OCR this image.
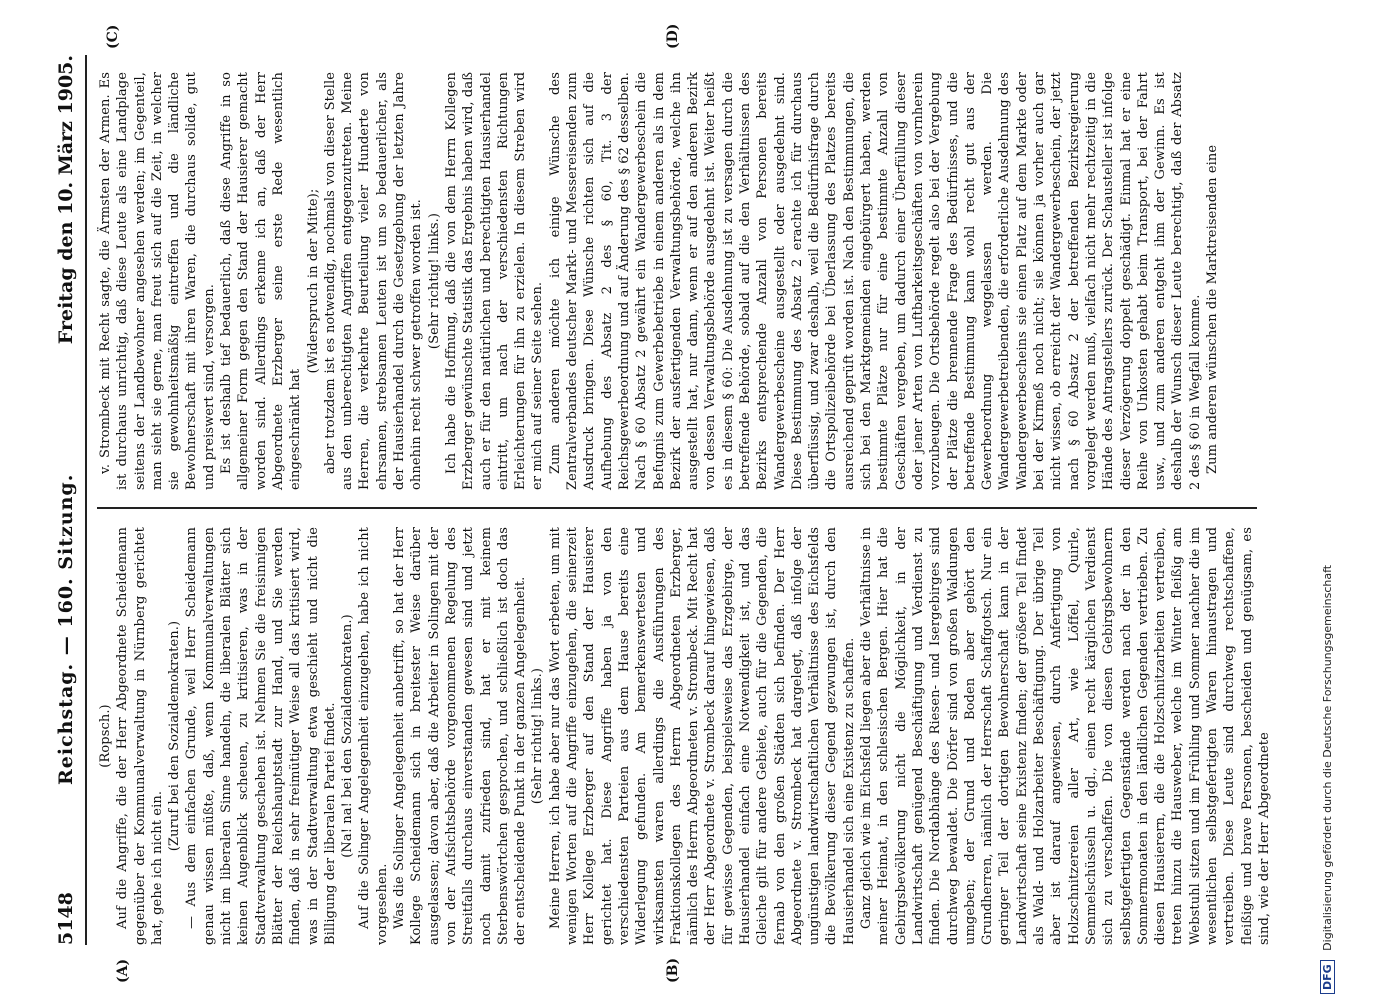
5148
Reichstag. — 160. Sitzung.
Freitag den 10. März 1905.
(A)	(B)
(C)	(D)

(Ropsch.) Auf die Angriffe, die der Herr Abgeordnete Scheidemann gegenüber der Kommunalverwaltung in Nürnberg gerichtet hat, gehe ich nicht ein.

(Zuruf bei den Sozialdemokraten.) — Aus dem einfachen Grunde, weil Herr Scheidemann genau wissen müßte, daß, wenn Kommunalverwaltungen nicht im liberalen Sinne handeln, die liberalen Blätter sich keinen Augenblick scheuen, zu kritisieren, was in der Stadtverwaltung geschehen ist. Nehmen Sie die freisinnigen Blätter der Reichshauptstadt zur Hand, und Sie werden finden, daß in sehr freimütiger Weise all das kritisiert wird, was in der Stadtverwaltung etwa geschieht und nicht die Billigung der liberalen Partei findet. (Na! na! bei den Sozialdemokraten.) Auf die Solinger Angelegenheit einzugehen, habe ich nicht vorgesehen. Was die Solinger Angelegenheit anbetrifft, so hat der Herr Kollege Scheidemann sich in breitester Weise darüber ausgelassen; davon aber, daß die Arbeiter in Solingen mit der von der Aufsichtsbehörde vorgenommenen Regelung des Streitfalls durchaus einverstanden gewesen sind und jetzt noch damit zufrieden sind, hat er mit keinem Sterbenswörtchen gesprochen, und schließlich ist doch das der entscheidende Punkt in der ganzen Angelegenheit. (Sehr richtig! links.) Meine Herren, ich habe aber nur das Wort erbeten, um mit wenigen Worten auf die Angriffe einzugehen, die seinerzeit Herr Kollege Erzberger auf den Stand der Hausierer gerichtet hat. Diese Angriffe haben ja von den verschiedensten Parteien aus dem Hause bereits eine Widerlegung gefunden. Am bemerkenswertesten und wirksamsten waren allerdings die Ausführungen des Fraktionskollegen des Herrn Abgeordneten Erzberger, nämlich des Herrn Abgeordneten v. Strombeck. Mit Recht hat der Herr Abgeordnete v. Strombeck darauf hingewiesen, daß für gewisse Gegenden, beispielsweise das Erzgebirge, der Hausierhandel einfach eine Notwendigkeit ist, und das Gleiche gilt für andere Gebiete, auch für die Gegenden, die fernab von den großen Städten sich befinden. Der Herr Abgeordnete v. Strombeck hat dargelegt, daß infolge der ungünstigen landwirtschaftlichen Verhältnisse des Eichsfelds die Bevölkerung dieser Gegend gezwungen ist, durch den Hausierhandel sich eine Existenz zu schaffen. Ganz gleich wie im Eichsfeld liegen aber die Verhältnisse in meiner Heimat, in den schlesischen Bergen. Hier hat die Gebirgsbevölkerung nicht die Möglichkeit, in der Landwirtschaft genügend Beschäftigung und Verdienst zu finden. Die Nordabhänge des Riesen- und Isergebirges sind durchweg bewaldet. Die Dörfer sind von großen Waldungen umgeben; der Grund und Boden aber gehört den Grundherren, nämlich der Herrschaft Schaffgotsch. Nur ein geringer Teil der dortigen Bewohnerschaft kann in der Landwirtschaft seine Existenz finden; der größere Teil findet als Wald- und Holzarbeiter Beschäftigung. Der übrige Teil aber ist darauf angewiesen, durch Anfertigung von Holzschnitzereien aller Art, wie Löffel, Quirle, Semmelschüsseln u. dgl., einen recht kärglichen Verdienst sich zu verschaffen. Die von diesen Gebirgsbewohnern selbstgefertigten Gegenstände werden nach der in den Sommermonaten in den ländlichen Gegenden vertrieben. Zu diesen Hausierern, die die Holzschnitzarbeiten vertreiben, treten hinzu die Hausweber, welche im Winter fleißig am Webstuhl sitzen und im Frühling und Sommer nachher die im wesentlichen selbstgefertigten Waren hinaustragen und vertreiben. Diese Leute sind durchweg rechtschaffene, fleißige und brave Personen, bescheiden und genügsam, es sind, wie der Herr Abgeordnete

v. Strombeck mit Recht sagte, die Ärmsten der Armen. Es ist durchaus unrichtig, daß diese Leute als eine Landplage seitens der Landbewohner angesehen werden; im Gegenteil, man sieht sie gerne, man freut sich auf die Zeit, in welcher sie gewohnheitsmäßig eintreffen und die ländliche Bewohnerschaft mit ihren Waren, die durchaus solide, gut und preiswert sind, versorgen. Es ist deshalb tief bedauerlich, daß diese Angriffe in so allgemeiner Form gegen den Stand der Hausierer gemacht worden sind. Allerdings erkenne ich an, daß der Herr Abgeordnete Erzberger seine erste Rede wesentlich eingeschränkt hat

(Widerspruch in der Mitte); aber trotzdem ist es notwendig, nochmals von dieser Stelle aus den unberechtigten Angriffen entgegenzutreten. Meine Herren, die verkehrte Beurteilung vieler Hunderte von ehrsamen, strebsamen Leuten ist um so bedauerlicher, als der Hausierhandel durch die Gesetzgebung der letzten Jahre ohnehin recht schwer getroffen worden ist. (Sehr richtig! links.) Ich habe die Hoffnung, daß die von dem Herrn Kollegen Erzberger gewünschte Statistik das Ergebnis haben wird, daß auch er für den natürlichen und berechtigten Hausierhandel eintritt, um nach der verschiedensten Richtungen Erleichterungen für ihn zu erzielen. In diesem Streben wird er mich auf seiner Seite sehen. Zum anderen möchte ich einige Wünsche des Zentralverbandes deutscher Markt- und Messereisenden zum Ausdruck bringen. Diese Wünsche richten sich auf die Aufhebung des Absatz 2 des § 60, Tit. 3 der Reichsgewerbeordnung und auf Änderung des § 62 desselben. Nach § 60 Absatz 2 gewährt ein Wandergewerbeschein die Befugnis zum Gewerbebetriebe in einem anderen als in dem Bezirk der ausfertigenden Verwaltungsbehörde, welche ihn ausgestellt hat, nur dann, wenn er auf den anderen Bezirk von dessen Verwaltungsbehörde ausgedehnt ist. Weiter heißt es in diesem § 60: Die Ausdehnung ist zu versagen durch die betreffende Behörde, sobald auf die den Verhältnissen des Bezirks entsprechende Anzahl von Personen bereits Wandergewerbescheine ausgestellt oder ausgedehnt sind. Diese Bestimmung des Absatz 2 erachte ich für durchaus überflüssig, und zwar deshalb, weil die Bedürfnisfrage durch die Ortspolizeibehörde bei Überlassung des Platzes bereits ausreichend geprüft worden ist. Nach den Bestimmungen, die sich bei den Marktgemeinden eingebürgert haben, werden bestimmte Plätze nur für eine bestimmte Anzahl von Geschäften vergeben, um dadurch einer Überfüllung dieser oder jener Arten von Luftbarkeitsgeschäften von vornherein vorzubeugen. Die Ortsbehörde regelt also bei der Vergebung der Plätze die brennende Frage des Bedürfnisses, und die betreffende Bestimmung kann wohl recht gut aus der Gewerbeordnung weggelassen werden. Die Wandergewerbetreibenden, die erforderliche Ausdehnung des Wandergewerbescheins sie einen Platz auf dem Markte oder bei der Kirmeß noch nicht; sie können ja vorher auch gar nicht wissen, ob erreicht der Wandergewerbeschein, der jetzt nach § 60 Absatz 2 der betreffenden Bezirksregierung vorgelegt werden muß, vielfach nicht mehr rechtzeitig in die Hände des Antragstellers zurück. Der Schausteller ist infolge dieser Verzögerung doppelt geschädigt. Einmal hat er eine Reihe von Unkosten gehabt beim Transport, bei der Fahrt usw., und zum anderen entgeht ihm der Gewinn. Es ist deshalb der Wunsch dieser Leute berechtigt, daß der Absatz 2 des § 60 in Wegfall komme. Zum anderen wünschen die Marktreisenden eine

DFG Digitalisierung gefördert durch die Deutsche Forschungsgemeinschaft
